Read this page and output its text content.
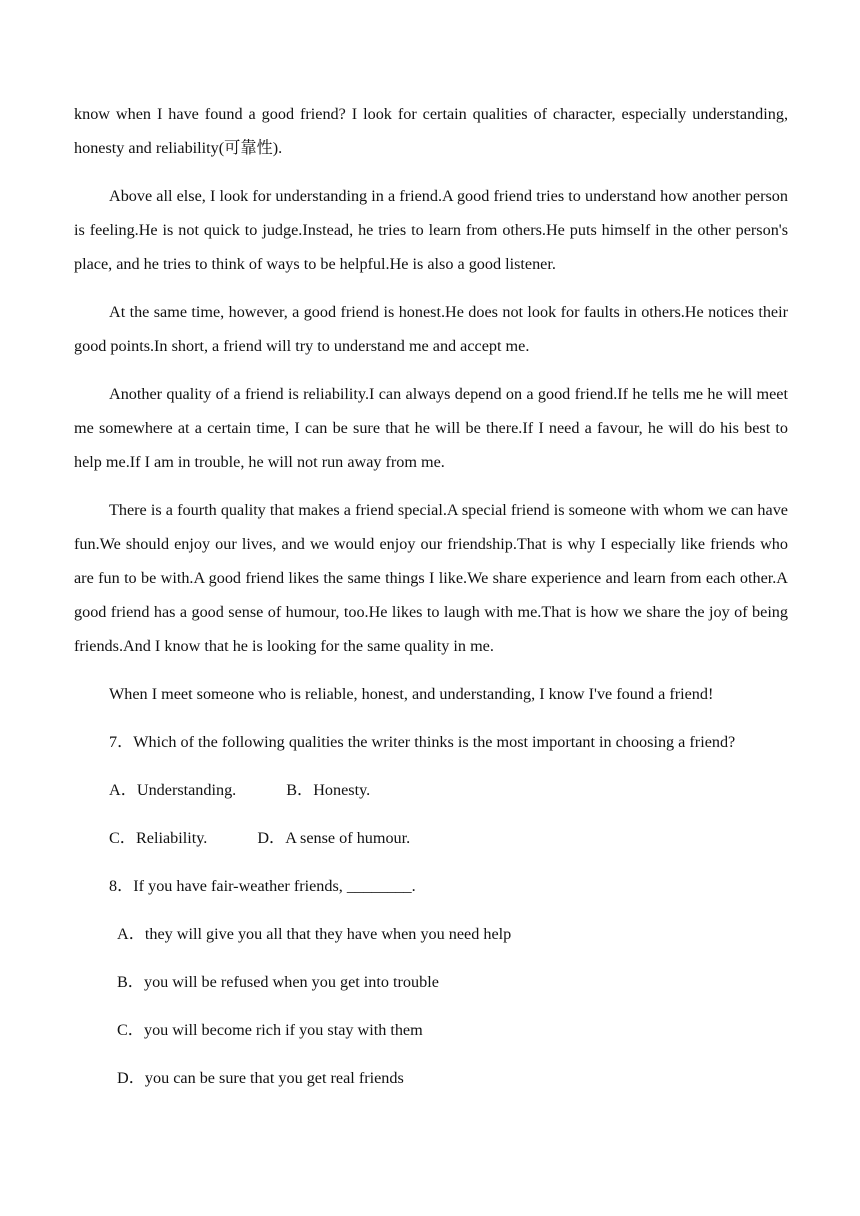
know when I have found a good friend? I look for certain qualities of character, especially understanding, honesty and reliability(可靠性).

Above all else, I look for understanding in a friend.A good friend tries to understand how another person is feeling.He is not quick to judge.Instead, he tries to learn from others.He puts himself in the other person's place, and he tries to think of ways to be helpful.He is also a good listener.

At the same time, however, a good friend is honest.He does not look for faults in others.He notices their good points.In short, a friend will try to understand me and accept me.

Another quality of a friend is reliability.I can always depend on a good friend.If he tells me he will meet me somewhere at a certain time, I can be sure that he will be there.If I need a favour, he will do his best to help me.If I am in trouble, he will not run away from me.

There is a fourth quality that makes a friend special.A special friend is someone with whom we can have fun.We should enjoy our lives, and we would enjoy our friendship.That is why I especially like friends who are fun to be with.A good friend likes the same things I like.We share experience and learn from each other.A good friend has a good sense of humour, too.He likes to laugh with me.That is how we share the joy of being friends.And I know that he is looking for the same quality in me.

When I meet someone who is reliable, honest, and understanding, I know I've found a friend!

7．Which of the following qualities the writer thinks is the most important in choosing a friend?

A．Understanding.	B．Honesty.

C．Reliability.	D．A sense of humour.

8．If you have fair-weather friends, ________.

A．they will give you all that they have when you need help

B．you will be refused when you get into trouble

C．you will become rich if you stay with them

D．you can be sure that you get real friends
